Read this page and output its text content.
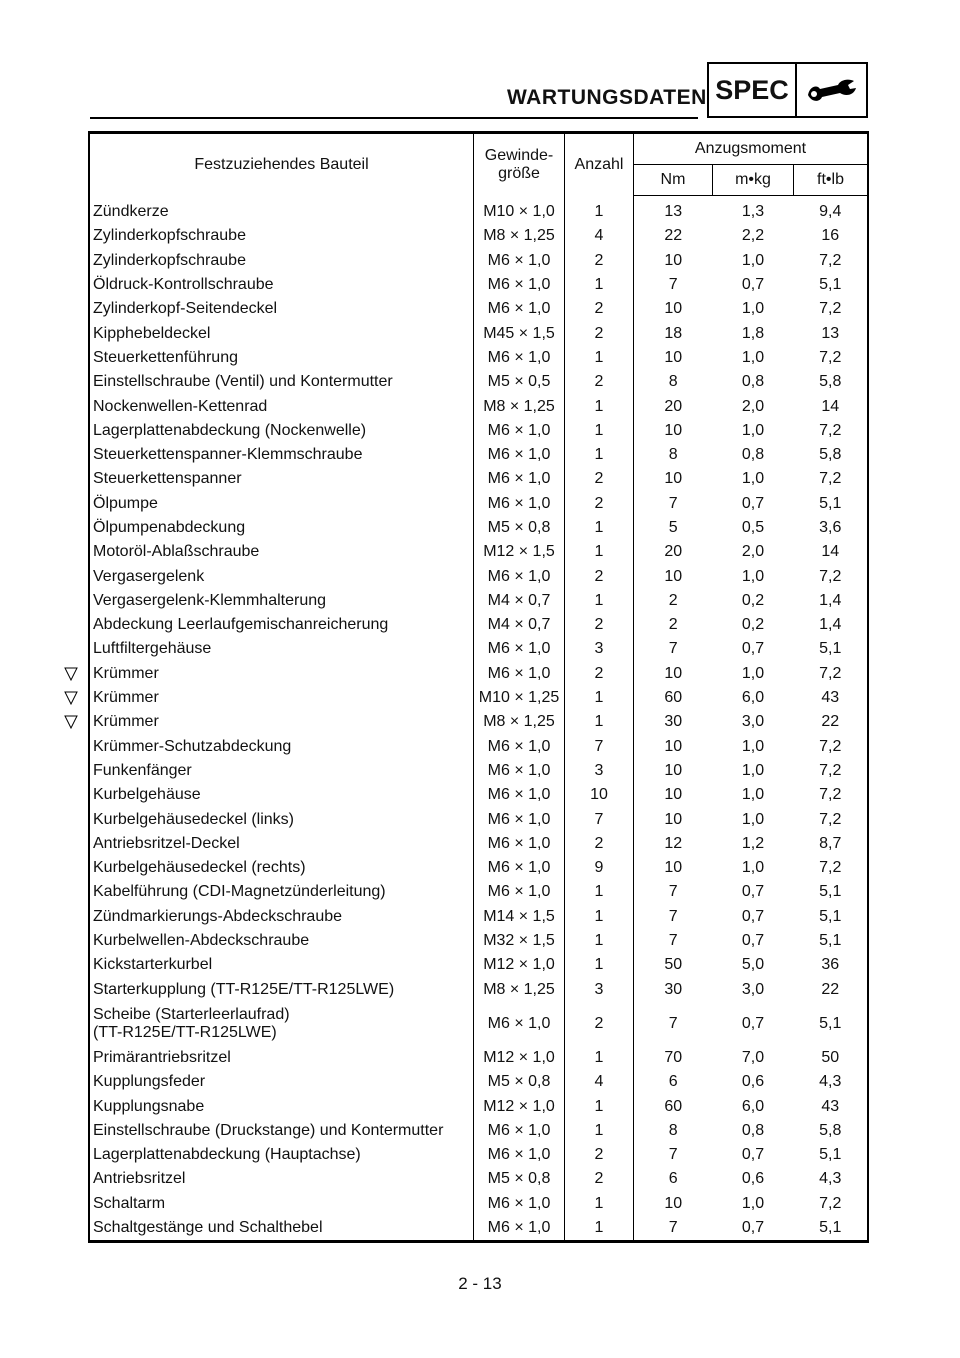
WARTUNGSDATEN SPEC
Festzuziehendes Bauteil	Gewinde-
größe	Anzahl	Anzugsmoment		
			Nm	m•kg	ft•lb
Zündkerze	M10 × 1,0	1	13	1,3	9,4
Zylinderkopfschraube	M8 × 1,25	4	22	2,2	16
Zylinderkopfschraube	M6 × 1,0	2	10	1,0	7,2
Öldruck-Kontrollschraube	M6 × 1,0	1	7	0,7	5,1
Zylinderkopf-Seitendeckel	M6 × 1,0	2	10	1,0	7,2
Kipphebeldeckel	M45 × 1,5	2	18	1,8	13
Steuerkettenführung	M6 × 1,0	1	10	1,0	7,2
Einstellschraube (Ventil) und Kontermutter	M5 × 0,5	2	8	0,8	5,8
Nockenwellen-Kettenrad	M8 × 1,25	1	20	2,0	14
Lagerplattenabdeckung (Nockenwelle)	M6 × 1,0	1	10	1,0	7,2
Steuerkettenspanner-Klemmschraube	M6 × 1,0	1	8	0,8	5,8
Steuerkettenspanner	M6 × 1,0	2	10	1,0	7,2
Ölpumpe	M6 × 1,0	2	7	0,7	5,1
Ölpumpenabdeckung	M5 × 0,8	1	5	0,5	3,6
Motoröl-Ablaßschraube	M12 × 1,5	1	20	2,0	14
Vergasergelenk	M6 × 1,0	2	10	1,0	7,2
Vergasergelenk-Klemmhalterung	M4 × 0,7	1	2	0,2	1,4
Abdeckung Leerlaufgemischanreicherung	M4 × 0,7	2	2	0,2	1,4
Luftfiltergehäuse	M6 × 1,0	3	7	0,7	5,1
Krümmer	M6 × 1,0	2	10	1,0	7,2
Krümmer	M10 × 1,25	1	60	6,0	43
Krümmer	M8 × 1,25	1	30	3,0	22
Krümmer-Schutzabdeckung	M6 × 1,0	7	10	1,0	7,2
Funkenfänger	M6 × 1,0	3	10	1,0	7,2
Kurbelgehäuse	M6 × 1,0	10	10	1,0	7,2
Kurbelgehäusedeckel (links)	M6 × 1,0	7	10	1,0	7,2
Antriebsritzel-Deckel	M6 × 1,0	2	12	1,2	8,7
Kurbelgehäusedeckel (rechts)	M6 × 1,0	9	10	1,0	7,2
Kabelführung (CDI-Magnetzünderleitung)	M6 × 1,0	1	7	0,7	5,1
Zündmarkierungs-Abdeckschraube	M14 × 1,5	1	7	0,7	5,1
Kurbelwellen-Abdeckschraube	M32 × 1,5	1	7	0,7	5,1
Kickstarterkurbel	M12 × 1,0	1	50	5,0	36
Starterkupplung (TT-R125E/TT-R125LWE)	M8 × 1,25	3	30	3,0	22
Scheibe (Starterleerlaufrad)
(TT-R125E/TT-R125LWE)	M6 × 1,0	2	7	0,7	5,1
Primärantriebsritzel	M12 × 1,0	1	70	7,0	50
Kupplungsfeder	M5 × 0,8	4	6	0,6	4,3
Kupplungsnabe	M12 × 1,0	1	60	6,0	43
Einstellschraube (Druckstange) und Kontermutter	M6 × 1,0	1	8	0,8	5,8
Lagerplattenabdeckung (Hauptachse)	M6 × 1,0	2	7	0,7	5,1
Antriebsritzel	M5 × 0,8	2	6	0,6	4,3
Schaltarm	M6 × 1,0	1	10	1,0	7,2
Schaltgestänge und Schalthebel	M6 × 1,0	1	7	0,7	5,1
2 - 13
